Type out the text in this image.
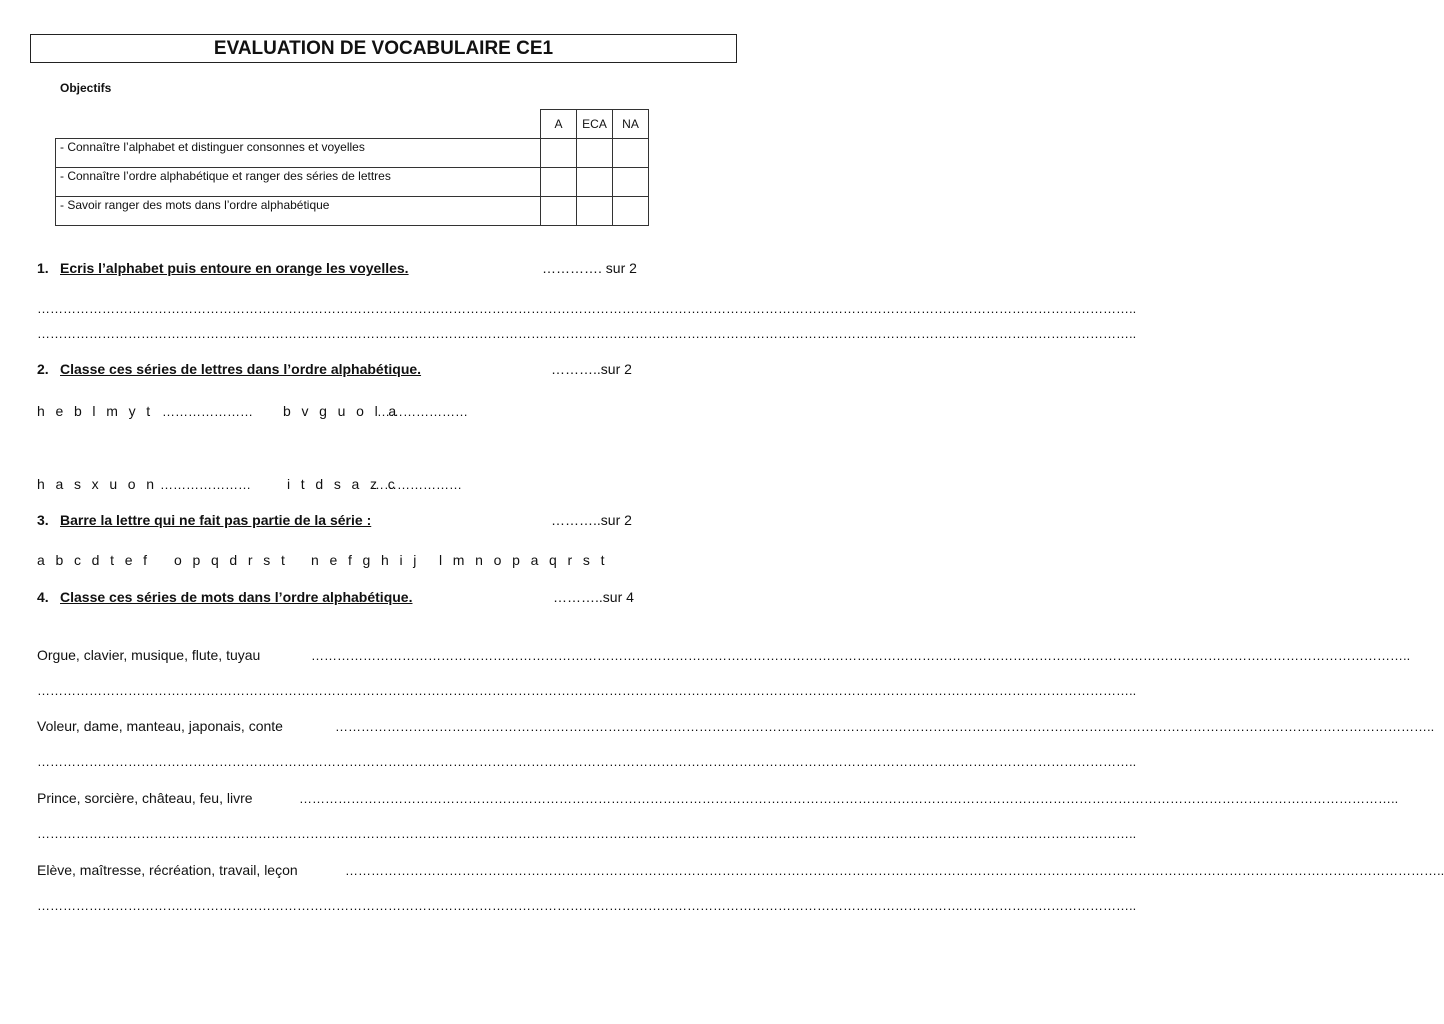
EVALUATION DE VOCABULAIRE CE1
Objectifs
	A	ECA	NA
- Connaître l’alphabet et distinguer consonnes et voyelles			
- Connaître l’ordre alphabétique et ranger des séries de lettres			
- Savoir ranger des mots dans l’ordre alphabétique			
1. Ecris l’alphabet puis entoure en orange les voyelles.	…………. sur 2
………………………………………………………………………………………………………………………………………………………………………………………………………………………………..
………………………………………………………………………………………………………………………………………………………………………………………………………………………………..
2. Classe ces séries de lettres dans l’ordre alphabétique.	………..sur 2
h e b l m y t ………………… b v g u o l a
…………………
h a s x u o n …………………	i t d s a z c
…………………
3. Barre la lettre qui ne fait pas partie de la série :	………..sur 2
a b c d t e f o p q d r s t n e f g h i j l m n o p a q r s t
4. Classe ces séries de mots dans l’ordre alphabétique.	………..sur 4
Orgue, clavier, musique, flute, tuyau	………………………………………………………………………………………………………………………………………………………………………………………………………………………………..
………………………………………………………………………………………………………………………………………………………………………………………………………………………………..
Voleur, dame, manteau, japonais, conte	………………………………………………………………………………………………………………………………………………………………………………………………………………………………..
………………………………………………………………………………………………………………………………………………………………………………………………………………………………..
Prince, sorcière, château, feu, livre	………………………………………………………………………………………………………………………………………………………………………………………………………………………………..
………………………………………………………………………………………………………………………………………………………………………………………………………………………………..
Elève, maîtresse, récréation, travail, leçon	………………………………………………………………………………………………………………………………………………………………………………………………………………………………..
………………………………………………………………………………………………………………………………………………………………………………………………………………………………..
